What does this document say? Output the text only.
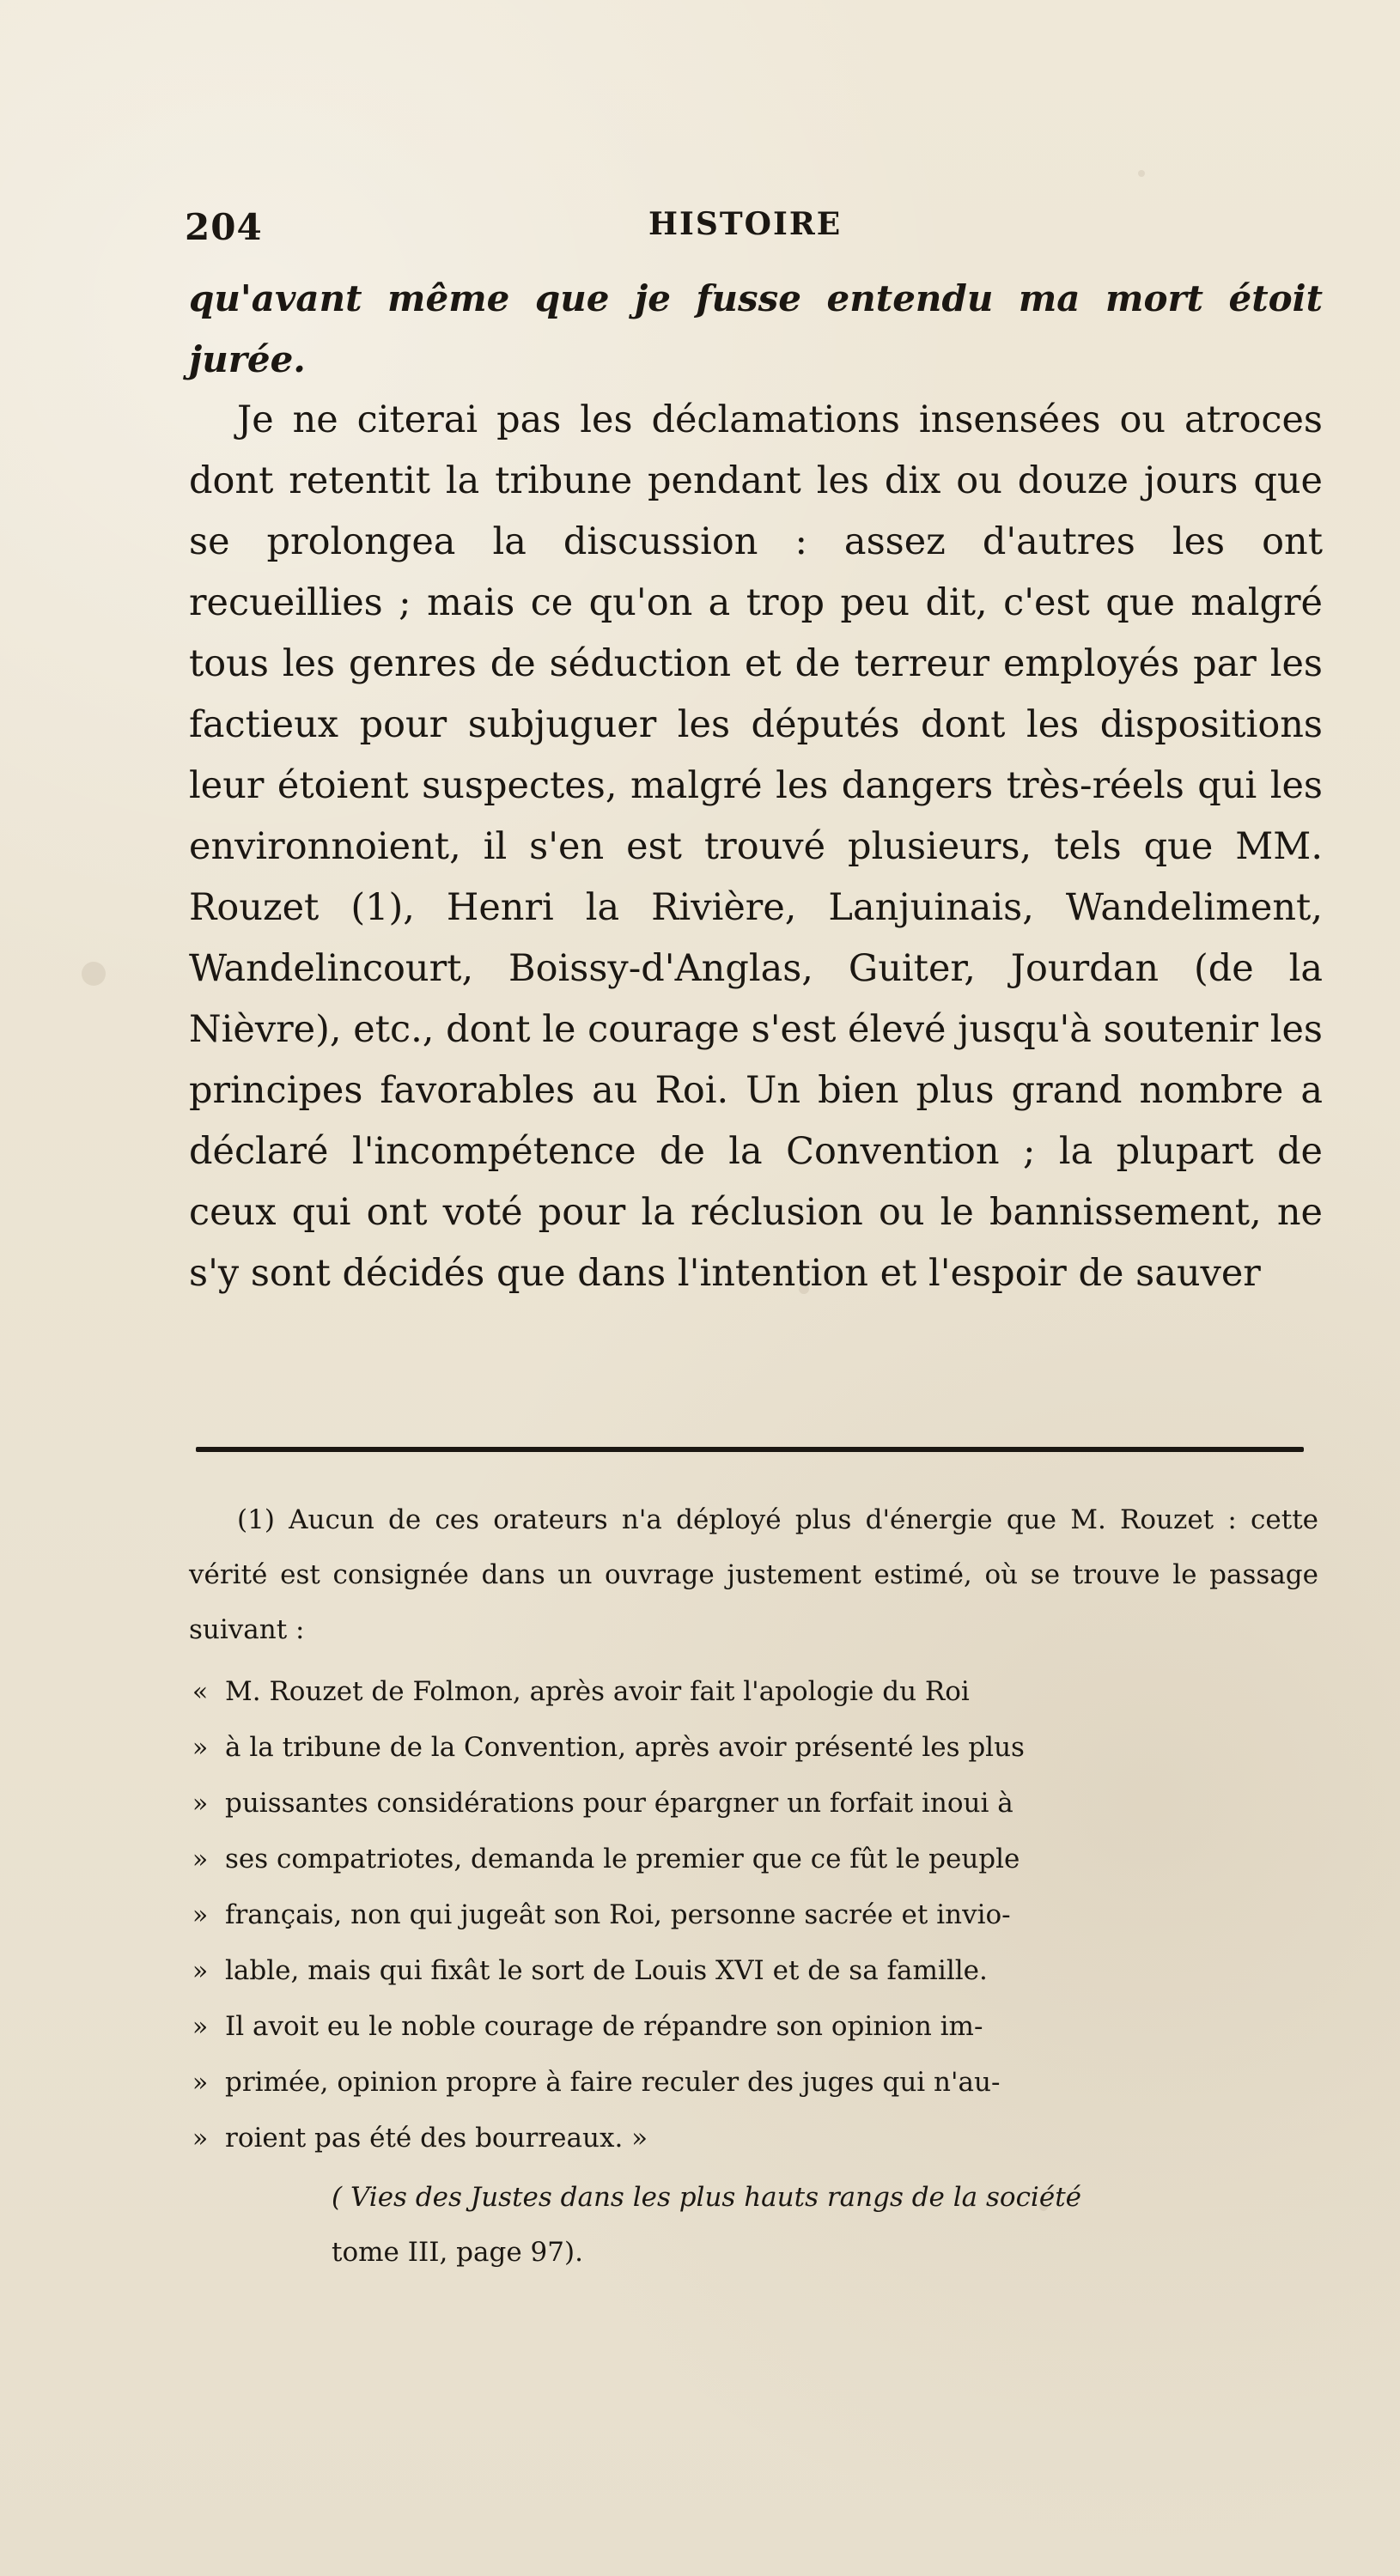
204	HISTOIRE

qu'avant même que je fusse entendu ma mort étoit jurée.

Je ne citerai pas les déclamations insensées ou atroces dont retentit la tribune pendant les dix ou douze jours que se prolongea la discussion : assez d'autres les ont recueillies ; mais ce qu'on a trop peu dit, c'est que malgré tous les genres de séduction et de terreur employés par les factieux pour subjuguer les députés dont les dispositions leur étoient suspectes, malgré les dangers très-réels qui les environnoient, il s'en est trouvé plusieurs, tels que MM. Rouzet (1), Henri la Rivière, Lanjuinais, Wandeliment, Wandelincourt, Boissy-d'Anglas, Guiter, Jourdan (de la Nièvre), etc., dont le courage s'est élevé jusqu'à soutenir les principes favorables au Roi. Un bien plus grand nombre a déclaré l'incompétence de la Convention ; la plupart de ceux qui ont voté pour la réclusion ou le bannissement, ne s'y sont décidés que dans l'intention et l'espoir de sauver

(1) Aucun de ces orateurs n'a déployé plus d'énergie que M. Rouzet : cette vérité est consignée dans un ouvrage justement estimé, où se trouve le passage suivant :

« M. Rouzet de Folmon, après avoir fait l'apologie du Roi
» à la tribune de la Convention, après avoir présenté les plus
» puissantes considérations pour épargner un forfait inoui à
» ses compatriotes, demanda le premier que ce fût le peuple
» français, non qui jugeât son Roi, personne sacrée et invio-
» lable, mais qui fixât le sort de Louis XVI et de sa famille.
» Il avoit eu le noble courage de répandre son opinion im-
» primée, opinion propre à faire reculer des juges qui n'au-
» roient pas été des bourreaux. »
( Vies des Justes dans les plus hauts rangs de la société
tome III, page 97).
